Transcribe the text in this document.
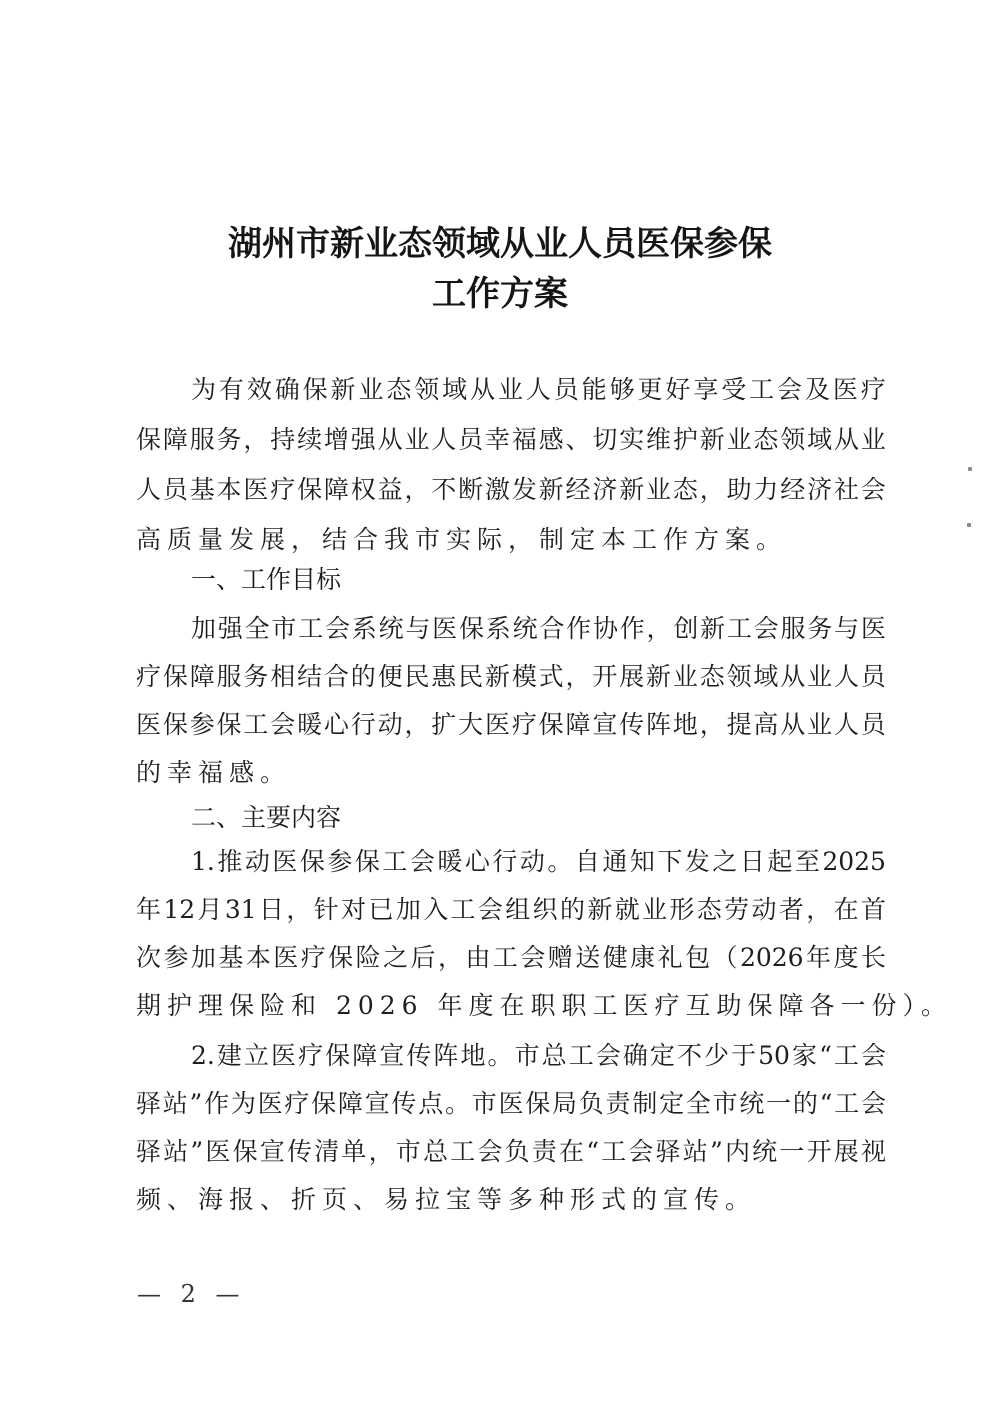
湖州市新业态领域从业人员医保参保
工作方案
为 有 效 确 保 新 业 态 领 域 从 业 人 员 能 够 更 好 享 受 工 会 及 医 疗
保 障 服 务 ， 持 续 增 强 从 业 人 员 幸 福 感 、 切 实 维 护 新 业 态 领 域 从 业
人 员 基 本 医 疗 保 障 权 益 ， 不 断 激 发 新 经 济 新 业 态 ， 助 力 经 济 社 会
高质量发展，结合我市实际，制定本工作方案。
一、工作目标
加 强 全 市 工 会 系 统 与 医 保 系 统 合 作 协 作 ， 创 新 工 会 服 务 与 医
疗 保 障 服 务 相 结 合 的 便 民 惠 民 新 模 式 ， 开 展 新 业 态 领 域 从 业 人 员
医 保 参 保 工 会 暖 心 行 动 ， 扩 大 医 疗 保 障 宣 传 阵 地 ， 提 高 从 业 人 员
的幸福感。
二、主要内容
1. 推 动 医 保 参 保 工 会 暖 心 行 动 。 自 通 知 下 发 之 日 起 至 2025
年 12 月 31 日 ， 针 对 已 加 入 工 会 组 织 的 新 就 业 形 态 劳 动 者 ， 在 首
次 参 加 基 本 医 疗 保 险 之 后 ， 由 工 会 赠 送 健 康 礼 包 （ 2026 年 度 长
期护理保险和 2026 年度在职职工医疗互助保障各一份）。
2. 建 立 医 疗 保 障 宣 传 阵 地 。 市 总 工 会 确 定 不 少 于 50 家 “ 工 会
驿 站 ” 作 为 医 疗 保 障 宣 传 点 。 市 医 保 局 负 责 制 定 全 市 统 一 的 “ 工 会
驿 站 ” 医 保 宣 传 清 单 ， 市 总 工 会 负 责 在 “ 工 会 驿 站 ” 内 统 一 开 展 视
频、海报、折页、易拉宝等多种形式的宣传。
— 2 —
